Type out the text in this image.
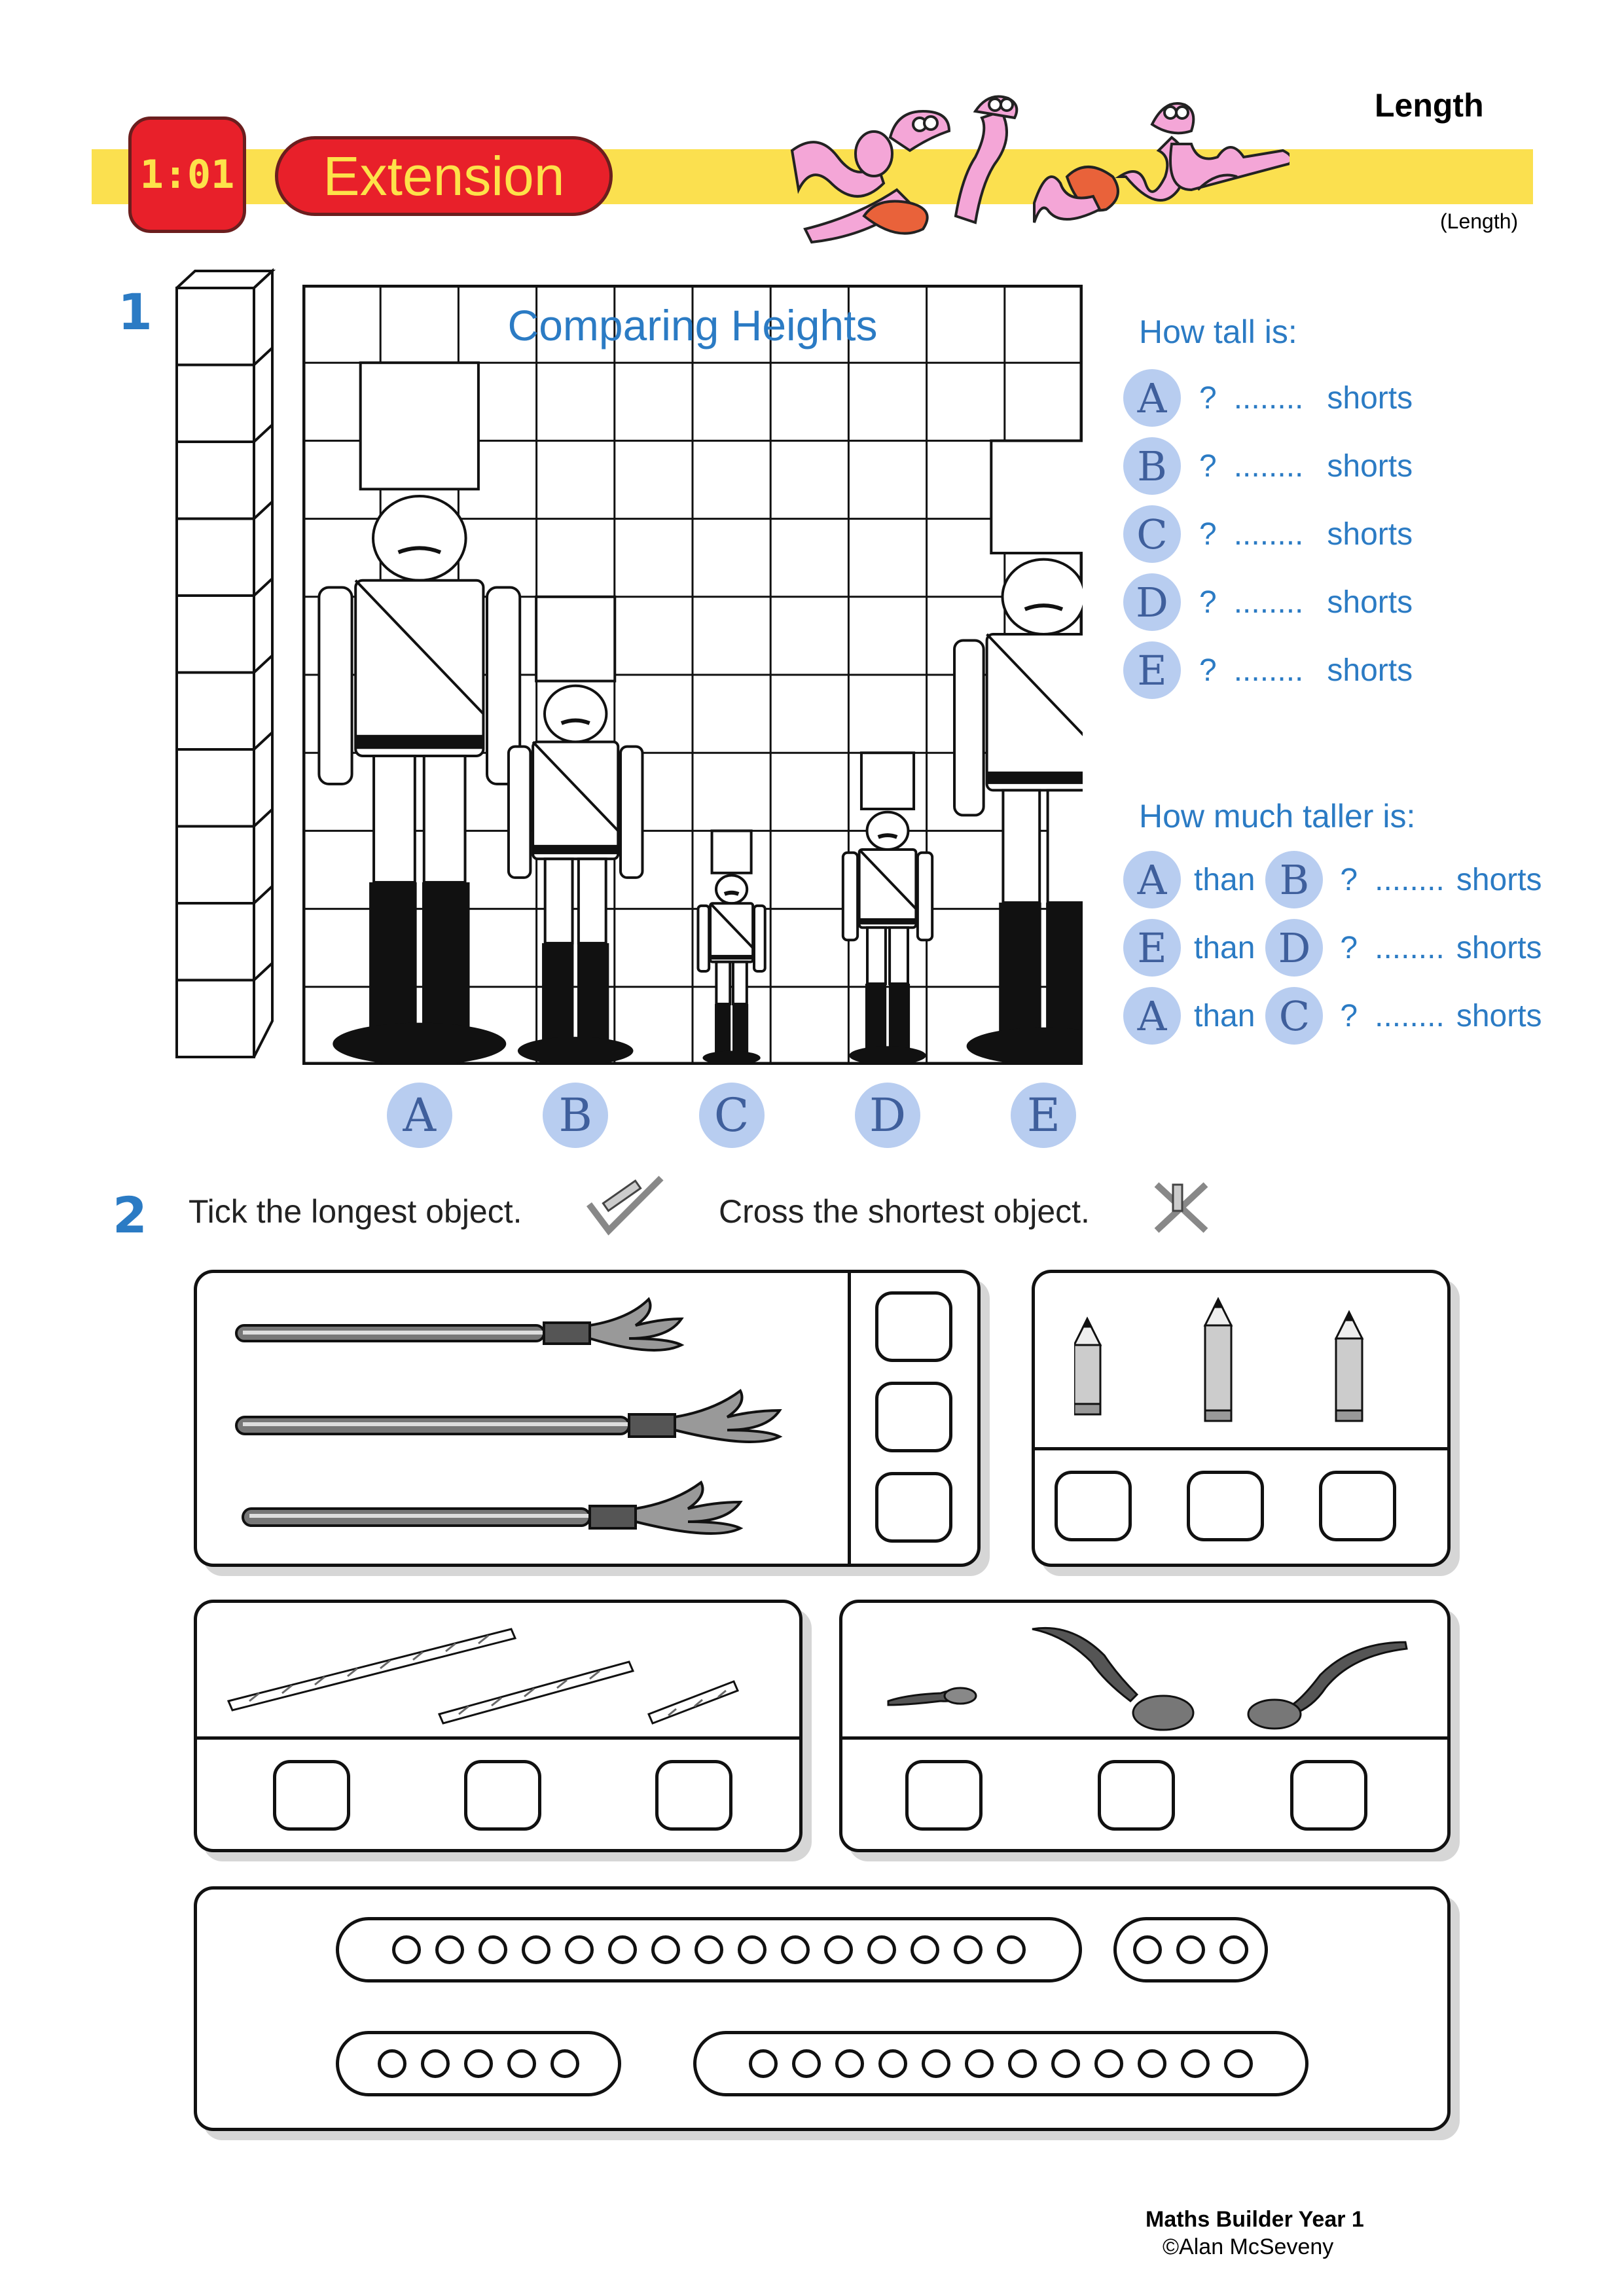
1:01	Extension
Length
(Length)
1	Comparing Heights
A	B	C	D	E
How tall is:
A	? ........ shorts
B	? ........ shorts
C	? ........ shorts
D ? ........ shorts
E	? ........ shorts
How much taller is:
A than B ? ........ shorts
E than D ? ........ shorts
A than C ? ........ shorts
2 Tick the longest object.	Cross the shortest object.
Maths Builder Year 1
©Alan McSeveny
